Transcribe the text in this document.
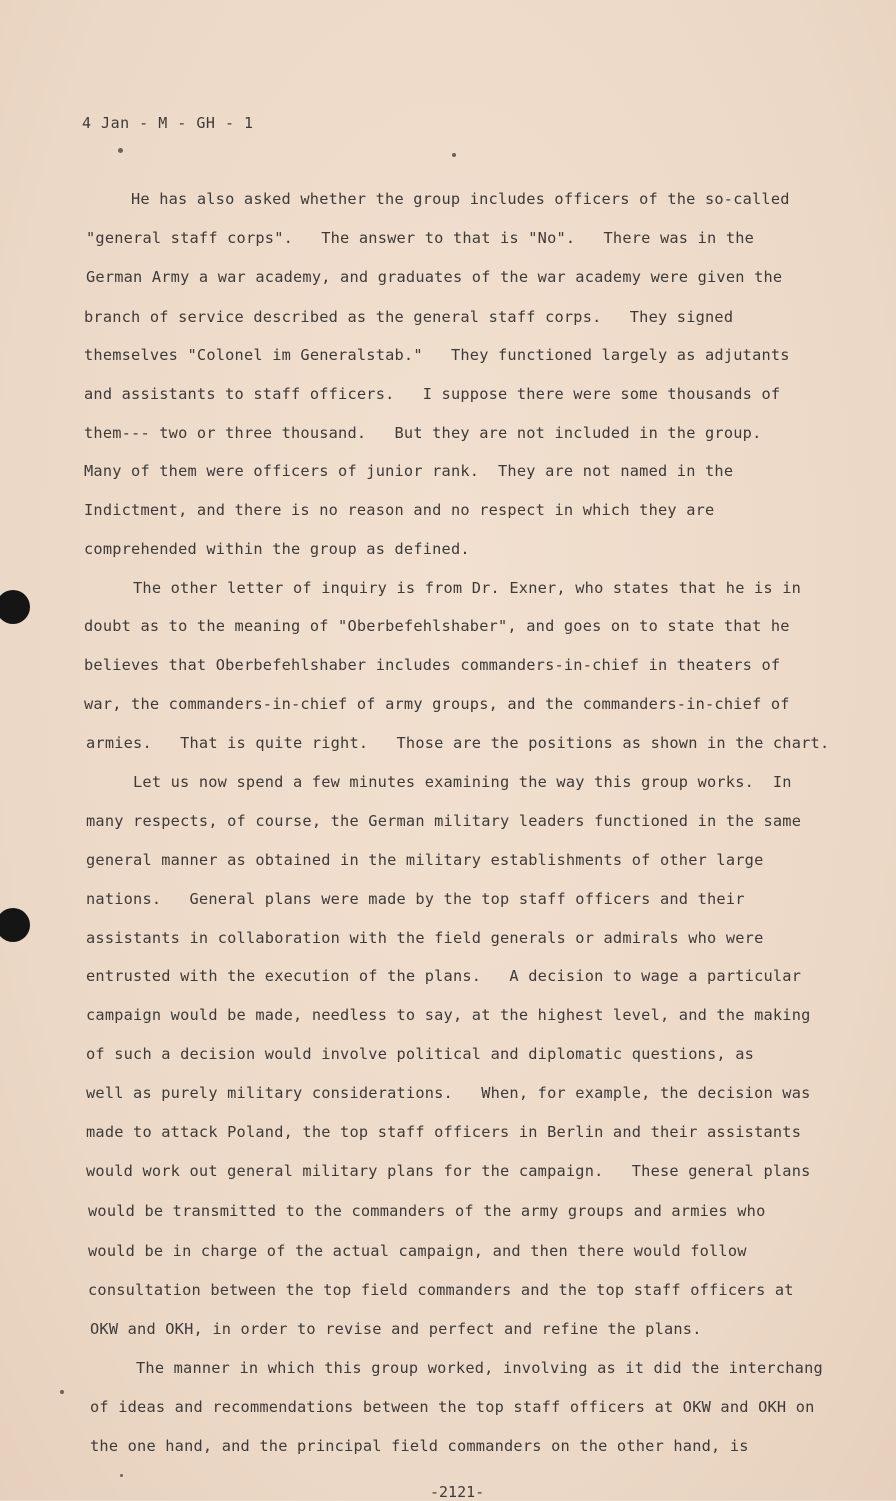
4 Jan - M - GH - 1
He has also asked whether the group includes officers of the so-called
"general staff corps".   The answer to that is "No".   There was in the
German Army a war academy, and graduates of the war academy were given the
branch of service described as the general staff corps.   They signed
themselves "Colonel im Generalstab."   They functioned largely as adjutants
and assistants to staff officers.   I suppose there were some thousands of
them--- two or three thousand.   But they are not included in the group.
Many of them were officers of junior rank.  They are not named in the
Indictment, and there is no reason and no respect in which they are
comprehended within the group as defined.
The other letter of inquiry is from Dr. Exner, who states that he is in
doubt as to the meaning of "Oberbefehlshaber", and goes on to state that he
believes that Oberbefehlshaber includes commanders-in-chief in theaters of
war, the commanders-in-chief of army groups, and the commanders-in-chief of
armies.   That is quite right.   Those are the positions as shown in the chart.
Let us now spend a few minutes examining the way this group works.  In
many respects, of course, the German military leaders functioned in the same
general manner as obtained in the military establishments of other large
nations.   General plans were made by the top staff officers and their
assistants in collaboration with the field generals or admirals who were
entrusted with the execution of the plans.   A decision to wage a particular
campaign would be made, needless to say, at the highest level, and the making
of such a decision would involve political and diplomatic questions, as
well as purely military considerations.   When, for example, the decision was
made to attack Poland, the top staff officers in Berlin and their assistants
would work out general military plans for the campaign.   These general plans
would be transmitted to the commanders of the army groups and armies who
would be in charge of the actual campaign, and then there would follow
consultation between the top field commanders and the top staff officers at
OKW and OKH, in order to revise and perfect and refine the plans.
The manner in which this group worked, involving as it did the interchang
of ideas and recommendations between the top staff officers at OKW and OKH on
the one hand, and the principal field commanders on the other hand, is
-2121-
